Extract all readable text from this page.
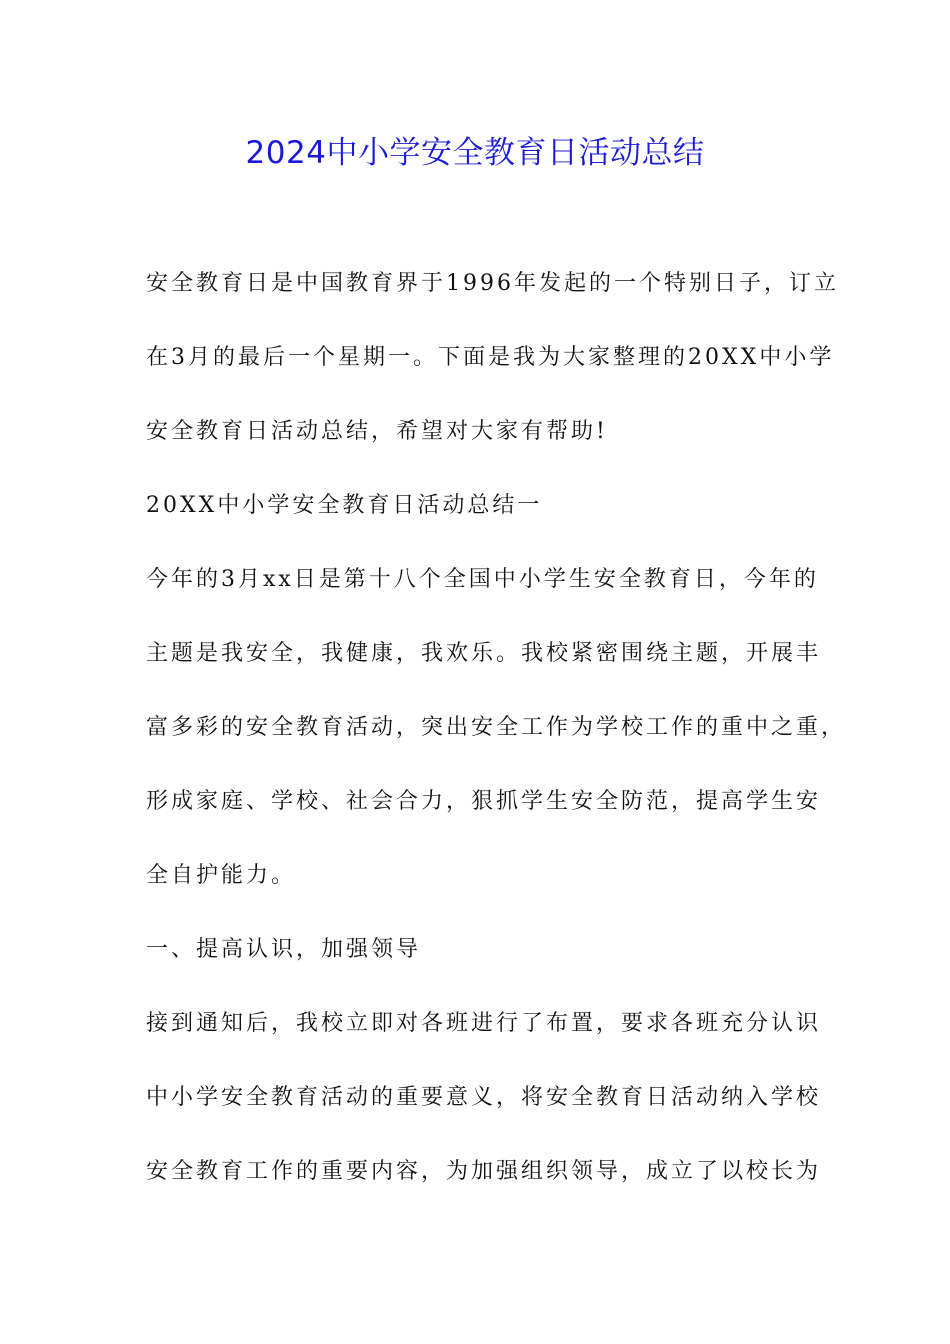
2024中小学安全教育日活动总结

安全教育日是中国教育界于1996年发起的一个特别日子，订立

在3月的最后一个星期一。下面是我为大家整理的20XX中小学

安全教育日活动总结，希望对大家有帮助!

20XX中小学安全教育日活动总结一

今年的3月xx日是第十八个全国中小学生安全教育日，今年的

主题是我安全，我健康，我欢乐。我校紧密围绕主题，开展丰

富多彩的安全教育活动，突出安全工作为学校工作的重中之重，

形成家庭、学校、社会合力，狠抓学生安全防范，提高学生安

全自护能力。

一、提高认识，加强领导

接到通知后，我校立即对各班进行了布置，要求各班充分认识

中小学安全教育活动的重要意义，将安全教育日活动纳入学校

安全教育工作的重要内容，为加强组织领导，成立了以校长为
